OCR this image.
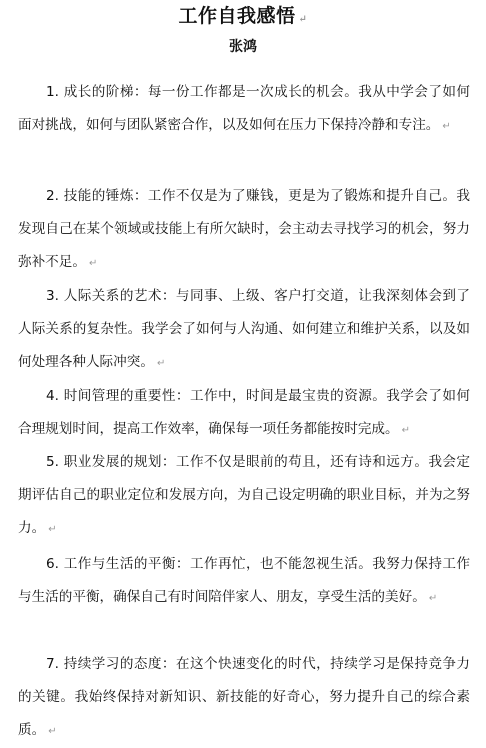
工作自我感悟 ↵
张鸿

1. 成长的阶梯：每一份工作都是一次成长的机会。我从中学会了如何面对挑战，如何与团队紧密合作，以及如何在压力下保持冷静和专注。 ↵

2. 技能的锤炼：工作不仅是为了赚钱，更是为了锻炼和提升自己。我发现自己在某个领域或技能上有所欠缺时，会主动去寻找学习的机会，努力弥补不足。 ↵

3. 人际关系的艺术：与同事、上级、客户打交道，让我深刻体会到了人际关系的复杂性。我学会了如何与人沟通、如何建立和维护关系，以及如何处理各种人际冲突。 ↵

4. 时间管理的重要性：工作中，时间是最宝贵的资源。我学会了如何合理规划时间，提高工作效率，确保每一项任务都能按时完成。 ↵

5. 职业发展的规划：工作不仅是眼前的苟且，还有诗和远方。我会定期评估自己的职业定位和发展方向，为自己设定明确的职业目标，并为之努力。 ↵

6. 工作与生活的平衡：工作再忙，也不能忽视生活。我努力保持工作与生活的平衡，确保自己有时间陪伴家人、朋友，享受生活的美好。 ↵

7. 持续学习的态度：在这个快速变化的时代，持续学习是保持竞争力的关键。我始终保持对新知识、新技能的好奇心，努力提升自己的综合素质。 ↵
